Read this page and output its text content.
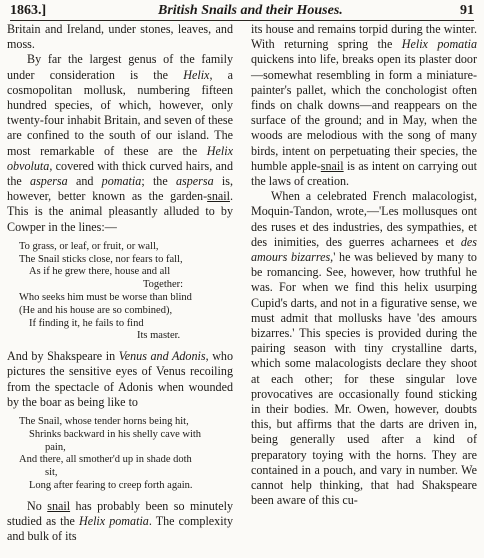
1863.]	British Snails and their Houses.	91

Britain and Ireland, under stones, leaves, and moss.

By far the largest genus of the family under consideration is the Helix, a cosmopolitan mollusk, numbering fifteen hundred species, of which, however, only twenty-four inhabit Britain, and seven of these are confined to the south of our island. The most remarkable of these are the Helix obvoluta, covered with thick curved hairs, and the aspersa and pomatia; the aspersa is, however, better known as the garden-snail. This is the animal pleasantly alluded to by Cowper in the lines:—

To grass, or leaf, or fruit, or wall,
The Snail sticks close, nor fears to fall,
As if he grew there, house and all
Together:
Who seeks him must be worse than blind
(He and his house are so combined),
If finding it, he fails to find
Its master.

And by Shakspeare in Venus and Adonis, who pictures the sensitive eyes of Venus recoiling from the spectacle of Adonis when wounded by the boar as being like to

The Snail, whose tender horns being hit,
Shrinks backward in his shelly cave with
pain,
And there, all smother'd up in shade doth
sit,
Long after fearing to creep forth again.

No snail has probably been so minutely studied as the Helix pomatia. The complexity and bulk of its

its house and remains torpid during the winter. With returning spring the Helix pomatia quickens into life, breaks open its plaster door—somewhat resembling in form a miniature-painter's pallet, which the conchologist often finds on chalk downs—and reappears on the surface of the ground; and in May, when the woods are melodious with the song of many birds, intent on perpetuating their species, the humble apple-snail is as intent on carrying out the laws of creation.

When a celebrated French malacologist, Moquin-Tandon, wrote,—'Les mollusques ont des ruses et des industries, des sympathies, et des inimities, des guerres acharnees et des amours bizarres,' he was believed by many to be romancing. See, however, how truthful he was. For when we find this helix usurping Cupid's darts, and not in a figurative sense, we must admit that mollusks have 'des amours bizarres.' This species is provided during the pairing season with tiny crystalline darts, which some malacologists declare they shoot at each other; for these singular love provocatives are occasionally found sticking in their bodies. Mr. Owen, however, doubts this, but affirms that the darts are driven in, being generally used after a kind of preparatory toying with the horns. They are contained in a pouch, and vary in number. We cannot help thinking, that had Shakspeare been aware of this cu-
